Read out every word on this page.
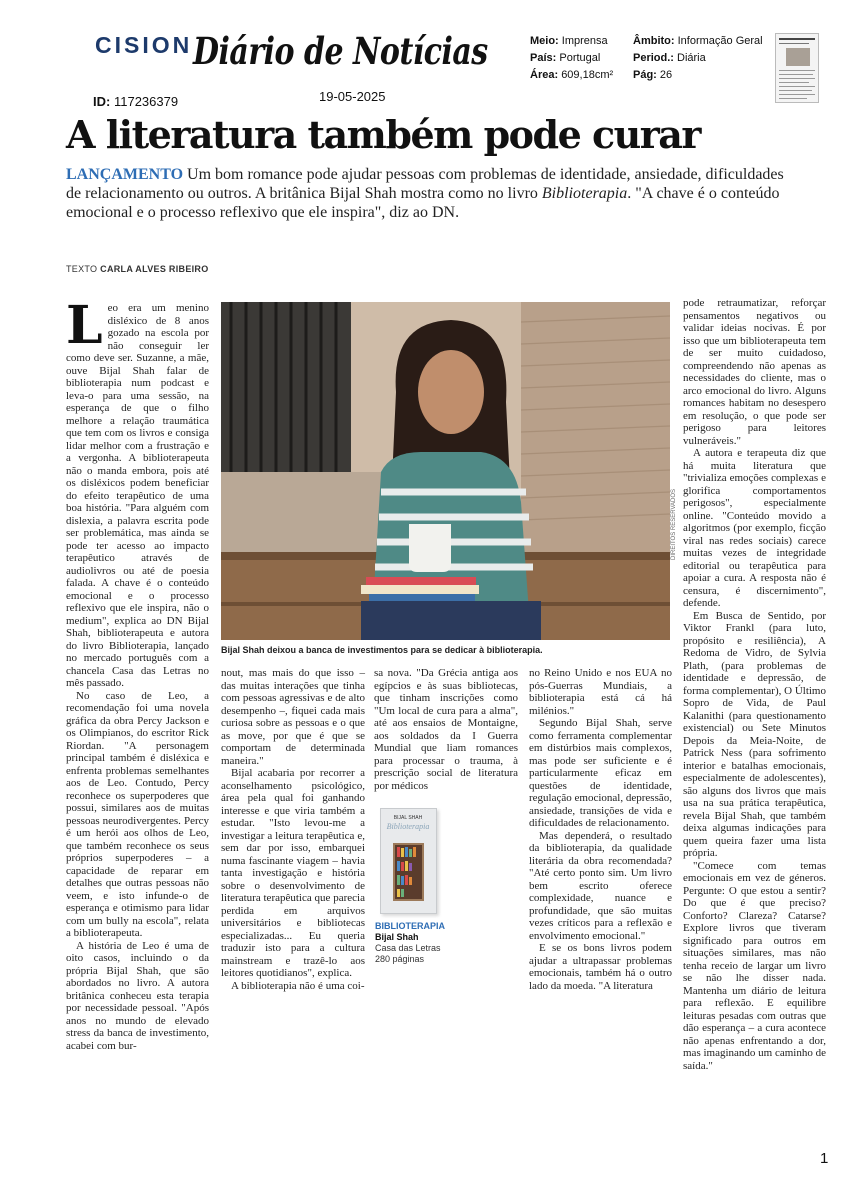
CISION Diário de Notícias	Meio: Imprensa
País: Portugal
Área: 609,18cm²
Âmbito: Informação Geral
Period.: Diária
Pág: 26
ID: 117236379	19-05-2025
A literatura também pode curar
LANÇAMENTO Um bom romance pode ajudar pessoas com problemas de identidade, ansiedade, dificuldades de relacionamento ou outros. A britânica Bijal Shah mostra como no livro Biblioterapia. "A chave é o conteúdo emocional e o processo reflexivo que ele inspira", diz ao DN.
TEXTO CARLA ALVES RIBEIRO
DIREITOS RESERVADOS
Bijal Shah deixou a banca de investimentos para se dedicar à biblioterapia.

Leo era um menino disléxico de 8 anos gozado na escola por não conseguir ler como deve ser. Suzanne, a mãe, ouve Bijal Shah falar de biblioterapia num podcast e leva-o para uma sessão, na esperança de que o filho melhore a relação traumática que tem com os livros e consiga lidar melhor com a frustração e a vergonha. A biblioterapeuta não o manda embora, pois até os disléxicos podem beneficiar do efeito terapêutico de uma boa história. "Para alguém com dislexia, a palavra escrita pode ser problemática, mas ainda se pode ter acesso ao impacto terapêutico através de audiolivros ou até de poesia falada. A chave é o conteúdo emocional e o processo reflexivo que ele inspira, não o medium", explica ao DN Bijal Shah, biblioterapeuta e autora do livro Biblioterapia, lançado no mercado português com a chancela Casa das Letras no mês passado.

No caso de Leo, a recomendação foi uma novela gráfica da obra Percy Jackson e os Olimpianos, do escritor Rick Riordan. "A personagem principal também é disléxica e enfrenta problemas semelhantes aos de Leo. Contudo, Percy reconhece os superpoderes que possui, similares aos de muitas pessoas neurodivergentes. Percy é um herói aos olhos de Leo, que também reconhece os seus próprios superpoderes – a capacidade de reparar em detalhes que outras pessoas não veem, e isto infunde-o de esperança e otimismo para lidar com um bully na escola", relata a biblioterapeuta.

A história de Leo é uma de oito casos, incluindo o da própria Bijal Shah, que são abordados no livro. A autora britânica conheceu esta terapia por necessidade pessoal. "Após anos no mundo de elevado stress da banca de investimento, acabei com bur-

nout, mas mais do que isso – das muitas interações que tinha com pessoas agressivas e de alto desempenho –, fiquei cada mais curiosa sobre as pessoas e o que as move, por que é que se comportam de determinada maneira."

Bijal acabaria por recorrer a aconselhamento psicológico, área pela qual foi ganhando interesse e que viria também a estudar. "Isto levou-me a investigar a leitura terapêutica e, sem dar por isso, embarquei numa fascinante viagem – havia tanta investigação e história sobre o desenvolvimento de literatura terapêutica que parecia perdida em arquivos universitários e bibliotecas especializadas... Eu queria traduzir isto para a cultura mainstream e trazê-lo aos leitores quotidianos", explica.

A biblioterapia não é uma coi-

sa nova. "Da Grécia antiga aos egípcios e às suas bibliotecas, que tinham inscrições como "Um local de cura para a alma", até aos ensaios de Montaigne, aos soldados da I Guerra Mundial que liam romances para processar o trauma, à prescrição social de literatura por médicos

BIJAL SHAH
Biblioterapia
BIBLIOTERAPIA
Bijal Shah
Casa das Letras
280 páginas

no Reino Unido e nos EUA no pós-Guerras Mundiais, a biblioterapia está cá há milénios."

Segundo Bijal Shah, serve como ferramenta complementar em distúrbios mais complexos, mas pode ser suficiente e é particularmente eficaz em questões de identidade, regulação emocional, depressão, ansiedade, transições de vida e dificuldades de relacionamento.

Mas dependerá, o resultado da biblioterapia, da qualidade literária da obra recomendada? "Até certo ponto sim. Um livro bem escrito oferece complexidade, nuance e profundidade, que são muitas vezes críticos para a reflexão e envolvimento emocional."

E se os bons livros podem ajudar a ultrapassar problemas emocionais, também há o outro lado da moeda. "A literatura

pode retraumatizar, reforçar pensamentos negativos ou validar ideias nocivas. É por isso que um biblioterapeuta tem de ser muito cuidadoso, compreendendo não apenas as necessidades do cliente, mas o arco emocional do livro. Alguns romances habitam no desespero em resolução, o que pode ser perigoso para leitores vulneráveis."

A autora e terapeuta diz que há muita literatura que "trivializa emoções complexas e glorifica comportamentos perigosos", especialmente online. "Conteúdo movido a algoritmos (por exemplo, ficção viral nas redes sociais) carece muitas vezes de integridade editorial ou terapêutica para apoiar a cura. A resposta não é censura, é discernimento", defende.

Em Busca de Sentido, por Viktor Frankl (para luto, propósito e resiliência), A Redoma de Vidro, de Sylvia Plath, (para problemas de identidade e depressão, de forma complementar), O Último Sopro de Vida, de Paul Kalanithi (para questionamento existencial) ou Sete Minutos Depois da Meia-Noite, de Patrick Ness (para sofrimento interior e batalhas emocionais, especialmente de adolescentes), são alguns dos livros que mais usa na sua prática terapêutica, revela Bijal Shah, que também deixa algumas indicações para quem queira fazer uma lista própria.

"Comece com temas emocionais em vez de géneros. Pergunte: O que estou a sentir? Do que é que preciso? Conforto? Clareza? Catarse? Explore livros que tiveram significado para outros em situações similares, mas não tenha receio de largar um livro se não lhe disser nada. Mantenha um diário de leitura para reflexão. E equilibre leituras pesadas com outras que dão esperança – a cura acontece não apenas enfrentando a dor, mas imaginando um caminho de saída."

1
